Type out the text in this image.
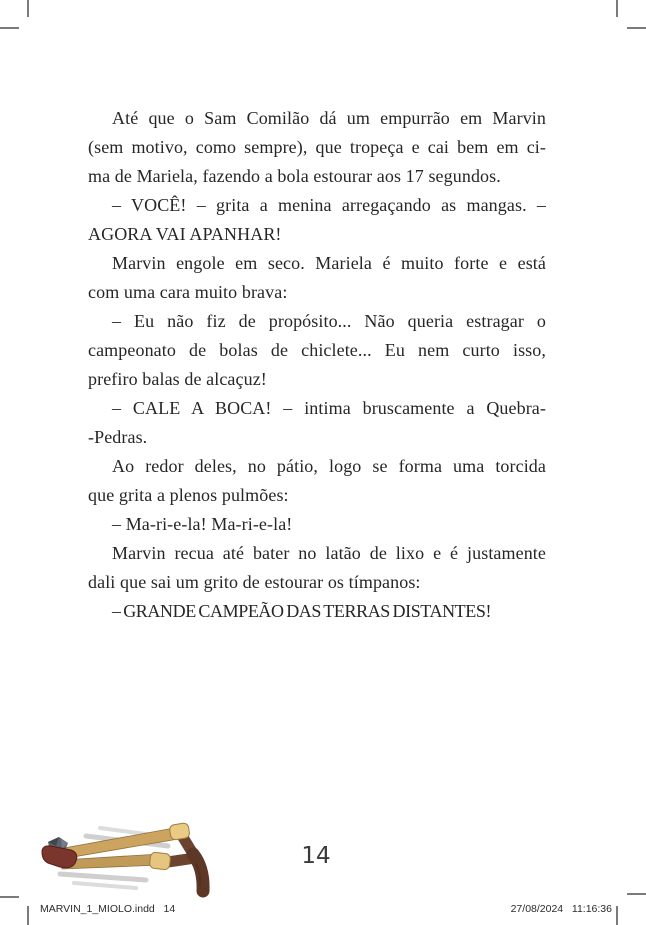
Até que o Sam Comilão dá um empurrão em Marvin
(sem motivo, como sempre), que tropeça e cai bem em ci-
ma de Mariela, fazendo a bola estourar aos 17 segundos.
– VOCÊ! – grita a menina arregaçando as mangas. –
AGORA VAI APANHAR!
Marvin engole em seco. Mariela é muito forte e está
com uma cara muito brava:
– Eu não fiz de propósito... Não queria estragar o
campeonato de bolas de chiclete... Eu nem curto isso,
prefiro balas de alcaçuz!
– CALE A BOCA! – intima bruscamente a Quebra-
-Pedras.
Ao redor deles, no pátio, logo se forma uma torcida
que grita a plenos pulmões:
– Ma-ri-e-la! Ma-ri-e-la!
Marvin recua até bater no latão de lixo e é justamente
dali que sai um grito de estourar os tímpanos:
– GRANDE CAMPEÃO DAS TERRAS DISTANTES!
14
MARVIN_1_MIOLO.indd   14	27/08/2024   11:16:36
